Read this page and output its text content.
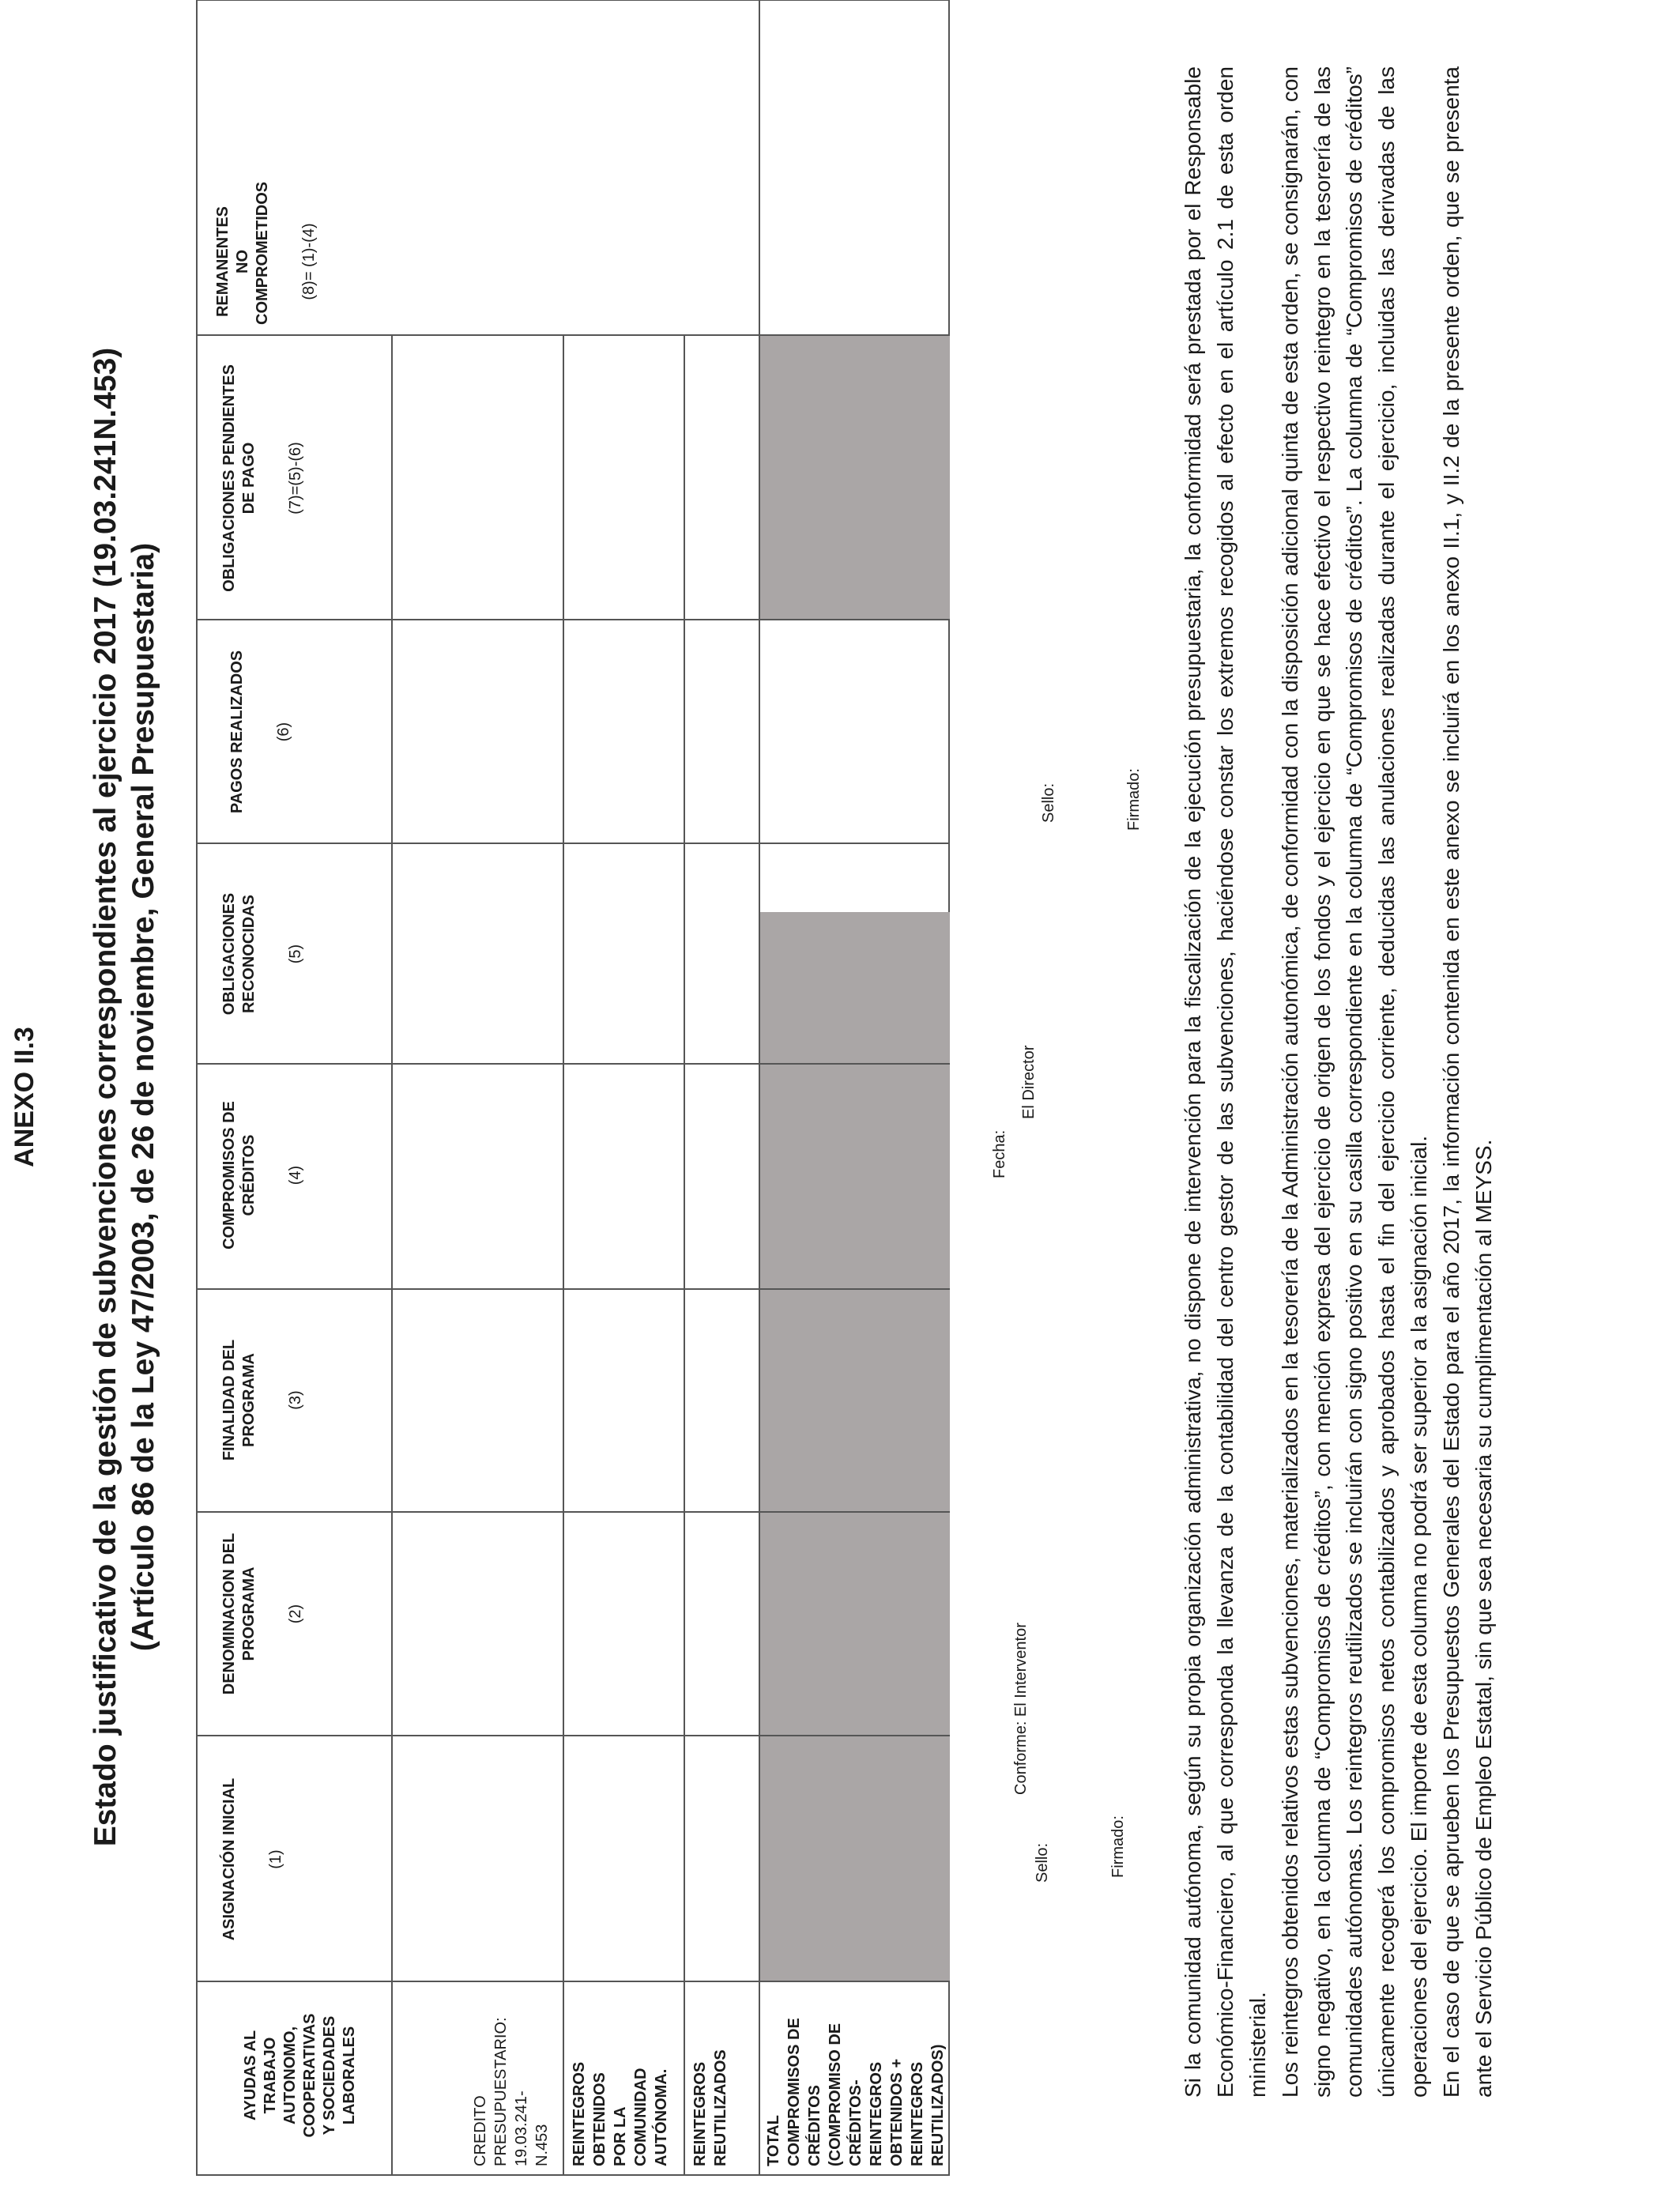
ANEXO II.3 Estado justificativo de la gestión de subvenciones correspondientes al ejercicio 2017 (19.03.241N.453) (Artículo 86 de la Ley 47/2003, de 26 de noviembre, General Presupuestaria)
AYUDAS AL TRABAJO AUTONOMO, COOPERATIVAS Y SOCIEDADES LABORALES
ASIGNACIÓN INICIAL (1)
DENOMINACION DEL PROGRAMA (2)
FINALIDAD DEL PROGRAMA (3)
COMPROMISOS DE CRÉDITOS (4)
OBLIGACIONES RECONOCIDAS (5)
PAGOS REALIZADOS (6)
OBLIGACIONES PENDIENTES DE PAGO (7)=(5)-(6)
REMANENTES NO COMPROMETIDOS (8)= (1)-(4)
CREDITO PRESUPUESTARIO: 19.03.241-N.453 REINTEGROS OBTENIDOS POR LA COMUNIDAD AUTÓNOMA. REINTEGROS REUTILIZADOS TOTAL COMPROMISOS DE CRÉDITOS (COMPROMISO DE CRÉDITOS-REINTEGROS OBTENIDOS + REINTEGROS REUTILIZADOS)
Fecha:
Conforme: El Interventor
Sello:	Firmado:
El Director
Sello:	Firmado: Si la comunidad autónoma, según su propia organización administrativa, no dispone de intervención para la fiscalización de la ejecución presupuestaria, la conformidad será prestada por el Responsable Económico-Financiero, al que corresponda la llevanza de la contabilidad del centro gestor de las subvenciones, haciéndose constar los extremos recogidos al efecto en el artículo 2.1 de esta orden ministerial. Los reintegros obtenidos relativos estas subvenciones, materializados en la tesorería de la Administración autonómica, de conformidad con la disposición adicional quinta de esta orden, se consignarán, con signo negativo, en la columna de “Compromisos de créditos”, con mención expresa del ejercicio de origen de los fondos y el ejercicio en que se hace efectivo el respectivo reintegro en la tesorería de las comunidades autónomas. Los reintegros reutilizados se incluirán con signo positivo en su casilla correspondiente en la columna de “Compromisos de créditos”. La columna de “Compromisos de créditos” únicamente recogerá los compromisos netos contabilizados y aprobados hasta el fin del ejercicio corriente, deducidas las anulaciones realizadas durante el ejercicio, incluidas las derivadas de las operaciones del ejercicio. El importe de esta columna no podrá ser superior a la asignación inicial. En el caso de que se aprueben los Presupuestos Generales del Estado para el año 2017, la información contenida en este anexo se incluirá en los anexo II.1, y II.2 de la presente orden, que se presenta ante el Servicio Público de Empleo Estatal, sin que sea necesaria su cumplimentación al MEYSS.
